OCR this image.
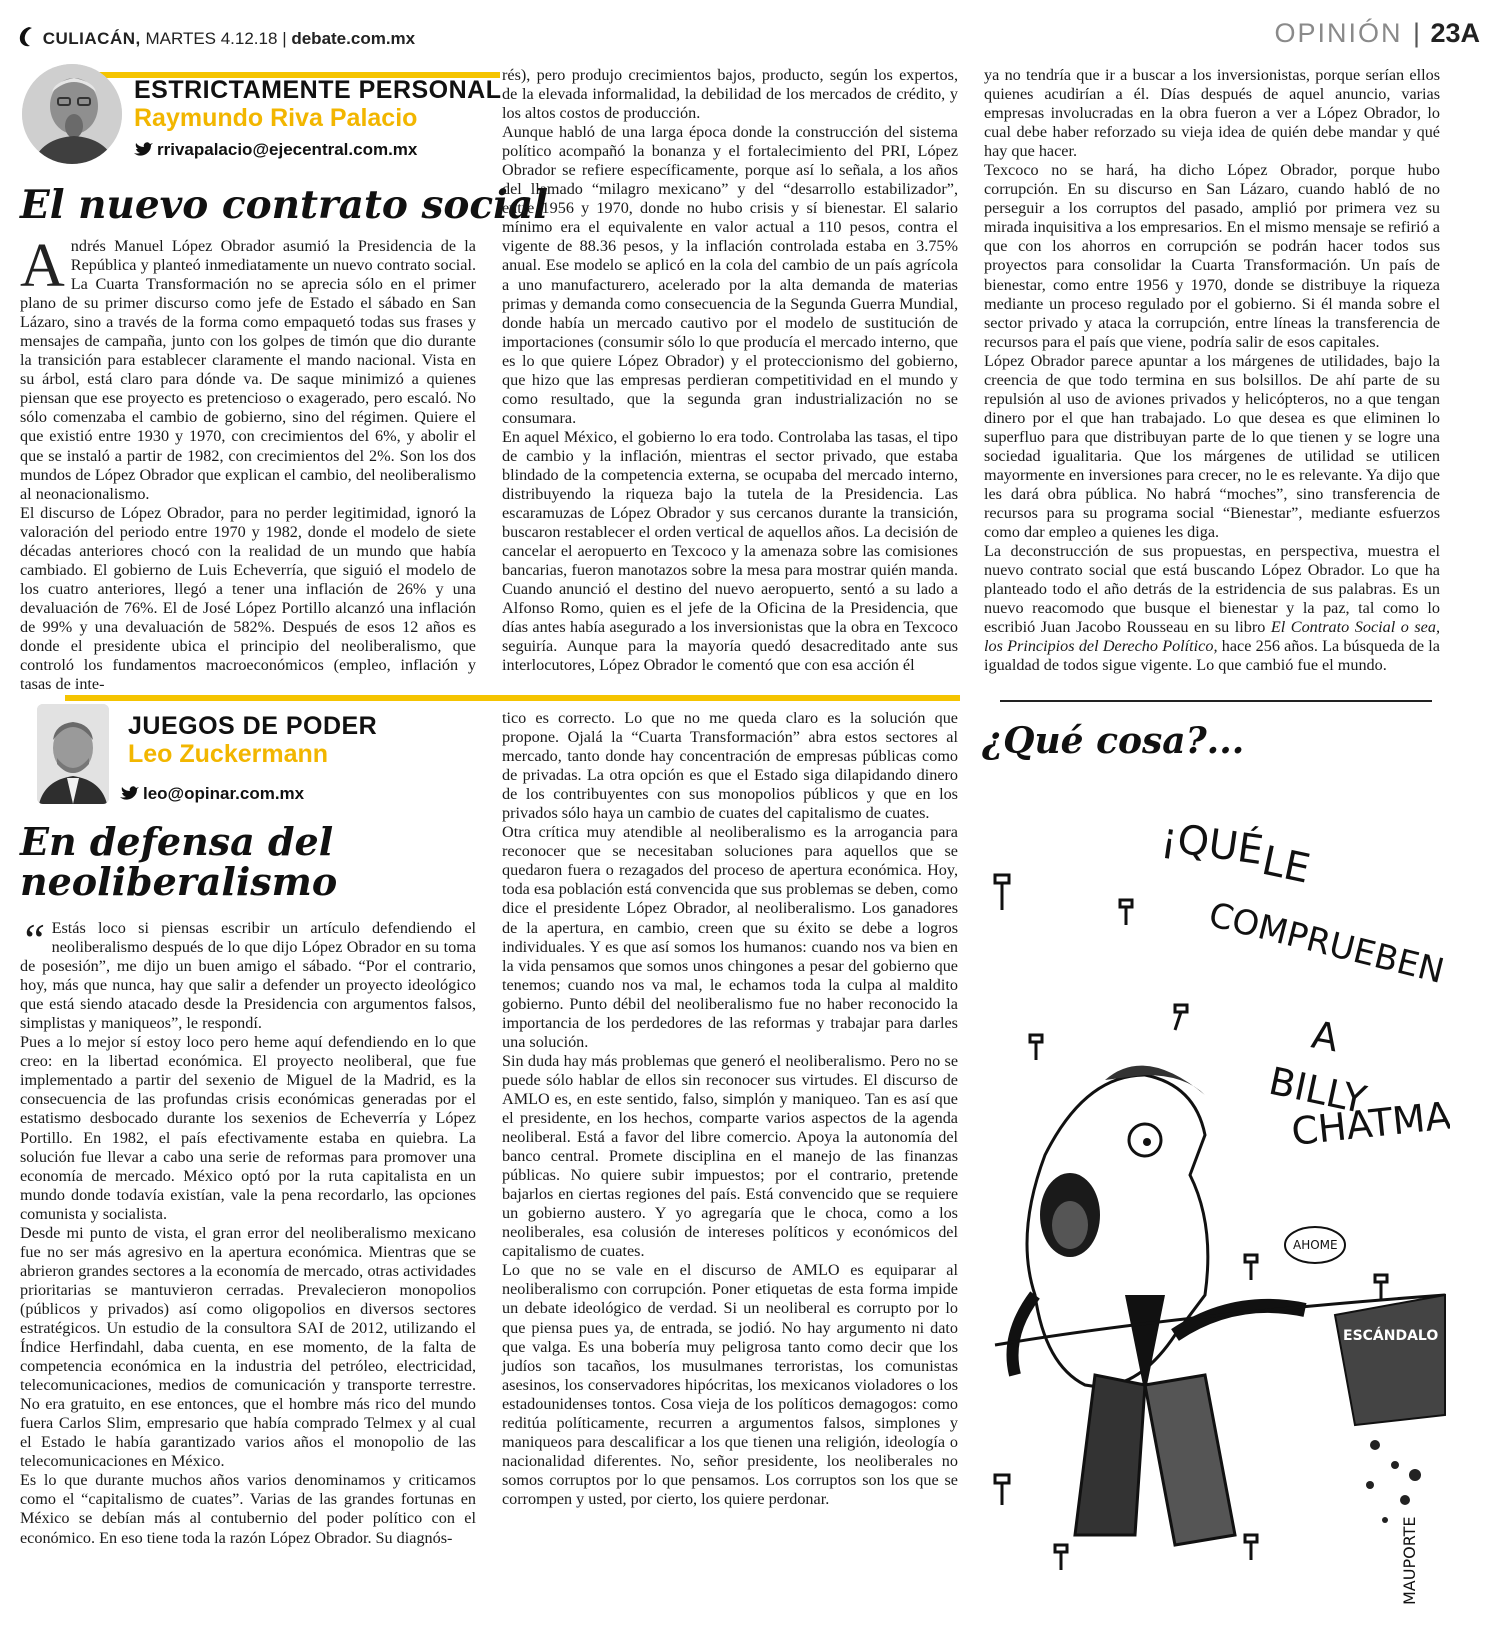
CULIACÁN, MARTES 4.12.18 | debate.com.mx	OPINIÓN | 23A
ESTRICTAMENTE PERSONAL
Raymundo Riva Palacio
rrivapalacio@ejecentral.com.mx
El nuevo contrato social

Andrés Manuel López Obrador asumió la Presidencia de la República y planteó inmediatamente un nuevo contrato social. La Cuarta Transformación no se aprecia sólo en el primer plano de su primer discurso como jefe de Estado el sábado en San Lázaro, sino a través de la forma como empaquetó todas sus frases y mensajes de campaña, junto con los golpes de timón que dio durante la transición para establecer claramente el mando nacional. Vista en su árbol, está claro para dónde va. De saque minimizó a quienes piensan que ese proyecto es pretencioso o exagerado, pero escaló. No sólo comenzaba el cambio de gobierno, sino del régimen. Quiere el que existió entre 1930 y 1970, con crecimientos del 6%, y abolir el que se instaló a partir de 1982, con crecimientos del 2%. Son los dos mundos de López Obrador que explican el cambio, del neoliberalismo al neonacionalismo.

El discurso de López Obrador, para no perder legitimidad, ignoró la valoración del periodo entre 1970 y 1982, donde el modelo de siete décadas anteriores chocó con la realidad de un mundo que había cambiado. El gobierno de Luis Echeverría, que siguió el modelo de los cuatro anteriores, llegó a tener una inflación de 26% y una devaluación de 76%. El de José López Portillo alcanzó una inflación de 99% y una devaluación de 582%. Después de esos 12 años es donde el presidente ubica el principio del neoliberalismo, que controló los fundamentos macroeconómicos (empleo, inflación y tasas de inte-

rés), pero produjo crecimientos bajos, producto, según los expertos, de la elevada informalidad, la debilidad de los mercados de crédito, y los altos costos de producción.

Aunque habló de una larga época donde la construcción del sistema político acompañó la bonanza y el fortalecimiento del PRI, López Obrador se refiere específicamente, porque así lo señala, a los años del llamado “milagro mexicano” y del “desarrollo estabilizador”, entre 1956 y 1970, donde no hubo crisis y sí bienestar. El salario mínimo era el equivalente en valor actual a 110 pesos, contra el vigente de 88.36 pesos, y la inflación controlada estaba en 3.75% anual. Ese modelo se aplicó en la cola del cambio de un país agrícola a uno manufacturero, acelerado por la alta demanda de materias primas y demanda como consecuencia de la Segunda Guerra Mundial, donde había un mercado cautivo por el modelo de sustitución de importaciones (consumir sólo lo que producía el mercado interno, que es lo que quiere López Obrador) y el proteccionismo del gobierno, que hizo que las empresas perdieran competitividad en el mundo y como resultado, que la segunda gran industrialización no se consumara.

En aquel México, el gobierno lo era todo. Controlaba las tasas, el tipo de cambio y la inflación, mientras el sector privado, que estaba blindado de la competencia externa, se ocupaba del mercado interno, distribuyendo la riqueza bajo la tutela de la Presidencia. Las escaramuzas de López Obrador y sus cercanos durante la transición, buscaron restablecer el orden vertical de aquellos años. La decisión de cancelar el aeropuerto en Texcoco y la amenaza sobre las comisiones bancarias, fueron manotazos sobre la mesa para mostrar quién manda. Cuando anunció el destino del nuevo aeropuerto, sentó a su lado a Alfonso Romo, quien es el jefe de la Oficina de la Presidencia, que días antes había asegurado a los inversionistas que la obra en Texcoco seguiría. Aunque para la mayoría quedó desacreditado ante sus interlocutores, López Obrador le comentó que con esa acción él

ya no tendría que ir a buscar a los inversionistas, porque serían ellos quienes acudirían a él. Días después de aquel anuncio, varias empresas involucradas en la obra fueron a ver a López Obrador, lo cual debe haber reforzado su vieja idea de quién debe mandar y qué hay que hacer.

Texcoco no se hará, ha dicho López Obrador, porque hubo corrupción. En su discurso en San Lázaro, cuando habló de no perseguir a los corruptos del pasado, amplió por primera vez su mirada inquisitiva a los empresarios. En el mismo mensaje se refirió a que con los ahorros en corrupción se podrán hacer todos sus proyectos para consolidar la Cuarta Transformación. Un país de bienestar, como entre 1956 y 1970, donde se distribuye la riqueza mediante un proceso regulado por el gobierno. Si él manda sobre el sector privado y ataca la corrupción, entre líneas la transferencia de recursos para el país que viene, podría salir de esos capitales.

López Obrador parece apuntar a los márgenes de utilidades, bajo la creencia de que todo termina en sus bolsillos. De ahí parte de su repulsión al uso de aviones privados y helicópteros, no a que tengan dinero por el que han trabajado. Lo que desea es que eliminen lo superfluo para que distribuyan parte de lo que tienen y se logre una sociedad igualitaria. Que los márgenes de utilidad se utilicen mayormente en inversiones para crecer, no le es relevante. Ya dijo que les dará obra pública. No habrá “moches”, sino transferencia de recursos para su programa social “Bienestar”, mediante esfuerzos como dar empleo a quienes les diga.

La deconstrucción de sus propuestas, en perspectiva, muestra el nuevo contrato social que está buscando López Obrador. Lo que ha planteado todo el año detrás de la estridencia de sus palabras. Es un nuevo reacomodo que busque el bienestar y la paz, tal como lo escribió Juan Jacobo Rousseau en su libro El Contrato Social o sea, los Principios del Derecho Político, hace 256 años. La búsqueda de la igualdad de todos sigue vigente. Lo que cambió fue el mundo.

JUEGOS DE PODER
Leo Zuckermann
leo@opinar.com.mx
En defensa del
neoliberalismo

“ Estás loco si piensas escribir un artículo defendiendo el neoliberalismo después de lo que dijo López Obrador en su toma de posesión”, me dijo un buen amigo el sábado. “Por el contrario, hoy, más que nunca, hay que salir a defender un proyecto ideológico que está siendo atacado desde la Presidencia con argumentos falsos, simplistas y maniqueos”, le respondí.

Pues a lo mejor sí estoy loco pero heme aquí defendiendo en lo que creo: en la libertad económica. El proyecto neoliberal, que fue implementado a partir del sexenio de Miguel de la Madrid, es la consecuencia de las profundas crisis económicas generadas por el estatismo desbocado durante los sexenios de Echeverría y López Portillo. En 1982, el país efectivamente estaba en quiebra. La solución fue llevar a cabo una serie de reformas para promover una economía de mercado. México optó por la ruta capitalista en un mundo donde todavía existían, vale la pena recordarlo, las opciones comunista y socialista.

Desde mi punto de vista, el gran error del neoliberalismo mexicano fue no ser más agresivo en la apertura económica. Mientras que se abrieron grandes sectores a la economía de mercado, otras actividades prioritarias se mantuvieron cerradas. Prevalecieron monopolios (públicos y privados) así como oligopolios en diversos sectores estratégicos. Un estudio de la consultora SAI de 2012, utilizando el Índice Herfindahl, daba cuenta, en ese momento, de la falta de competencia económica en la industria del petróleo, electricidad, telecomunicaciones, medios de comunicación y transporte terrestre. No era gratuito, en ese entonces, que el hombre más rico del mundo fuera Carlos Slim, empresario que había comprado Telmex y al cual el Estado le había garantizado varios años el monopolio de las telecomunicaciones en México.

Es lo que durante muchos años varios denominamos y criticamos como el “capitalismo de cuates”. Varias de las grandes fortunas en México se debían más al contubernio del poder político con el económico. En eso tiene toda la razón López Obrador. Su diagnós-

tico es correcto. Lo que no me queda claro es la solución que propone. Ojalá la “Cuarta Transformación” abra estos sectores al mercado, tanto donde hay concentración de empresas públicas como de privadas. La otra opción es que el Estado siga dilapidando dinero de los contribuyentes con sus monopolios públicos y que en los privados sólo haya un cambio de cuates del capitalismo de cuates.

Otra crítica muy atendible al neoliberalismo es la arrogancia para reconocer que se necesitaban soluciones para aquellos que se quedaron fuera o rezagados del proceso de apertura económica. Hoy, toda esa población está convencida que sus problemas se deben, como dice el presidente López Obrador, al neoliberalismo. Los ganadores de la apertura, en cambio, creen que su éxito se debe a logros individuales. Y es que así somos los humanos: cuando nos va bien en la vida pensamos que somos unos chingones a pesar del gobierno que tenemos; cuando nos va mal, le echamos toda la culpa al maldito gobierno. Punto débil del neoliberalismo fue no haber reconocido la importancia de los perdedores de las reformas y trabajar para darles una solución.

Sin duda hay más problemas que generó el neoliberalismo. Pero no se puede sólo hablar de ellos sin reconocer sus virtudes. El discurso de AMLO es, en este sentido, falso, simplón y maniqueo. Tan es así que el presidente, en los hechos, comparte varios aspectos de la agenda neoliberal. Está a favor del libre comercio. Apoya la autonomía del banco central. Promete disciplina en el manejo de las finanzas públicas. No quiere subir impuestos; por el contrario, pretende bajarlos en ciertas regiones del país. Está convencido que se requiere un gobierno austero. Y yo agregaría que le choca, como a los neoliberales, esa colusión de intereses políticos y económicos del capitalismo de cuates.

Lo que no se vale en el discurso de AMLO es equiparar al neoliberalismo con corrupción. Poner etiquetas de esta forma impide un debate ideológico de verdad. Si un neoliberal es corrupto por lo que piensa pues ya, de entrada, se jodió. No hay argumento ni dato que valga. Es una bobería muy peligrosa tanto como decir que los judíos son tacaños, los musulmanes terroristas, los comunistas asesinos, los conservadores hipócritas, los mexicanos violadores o los estadounidenses tontos. Cosa vieja de los políticos demagogos: como reditúa políticamente, recurren a argumentos falsos, simplones y maniqueos para descalificar a los que tienen una religión, ideología o nacionalidad diferentes. No, señor presidente, los neoliberales no somos corruptos por lo que pensamos. Los corruptos son los que se corrompen y usted, por cierto, los quiere perdonar.

¿Qué cosa?...
¡QUÉ
LE
COMPRUEBEN
A
BILLY
CHATMAN!
AHOME
ESCÁNDALO
MAUPORTE
